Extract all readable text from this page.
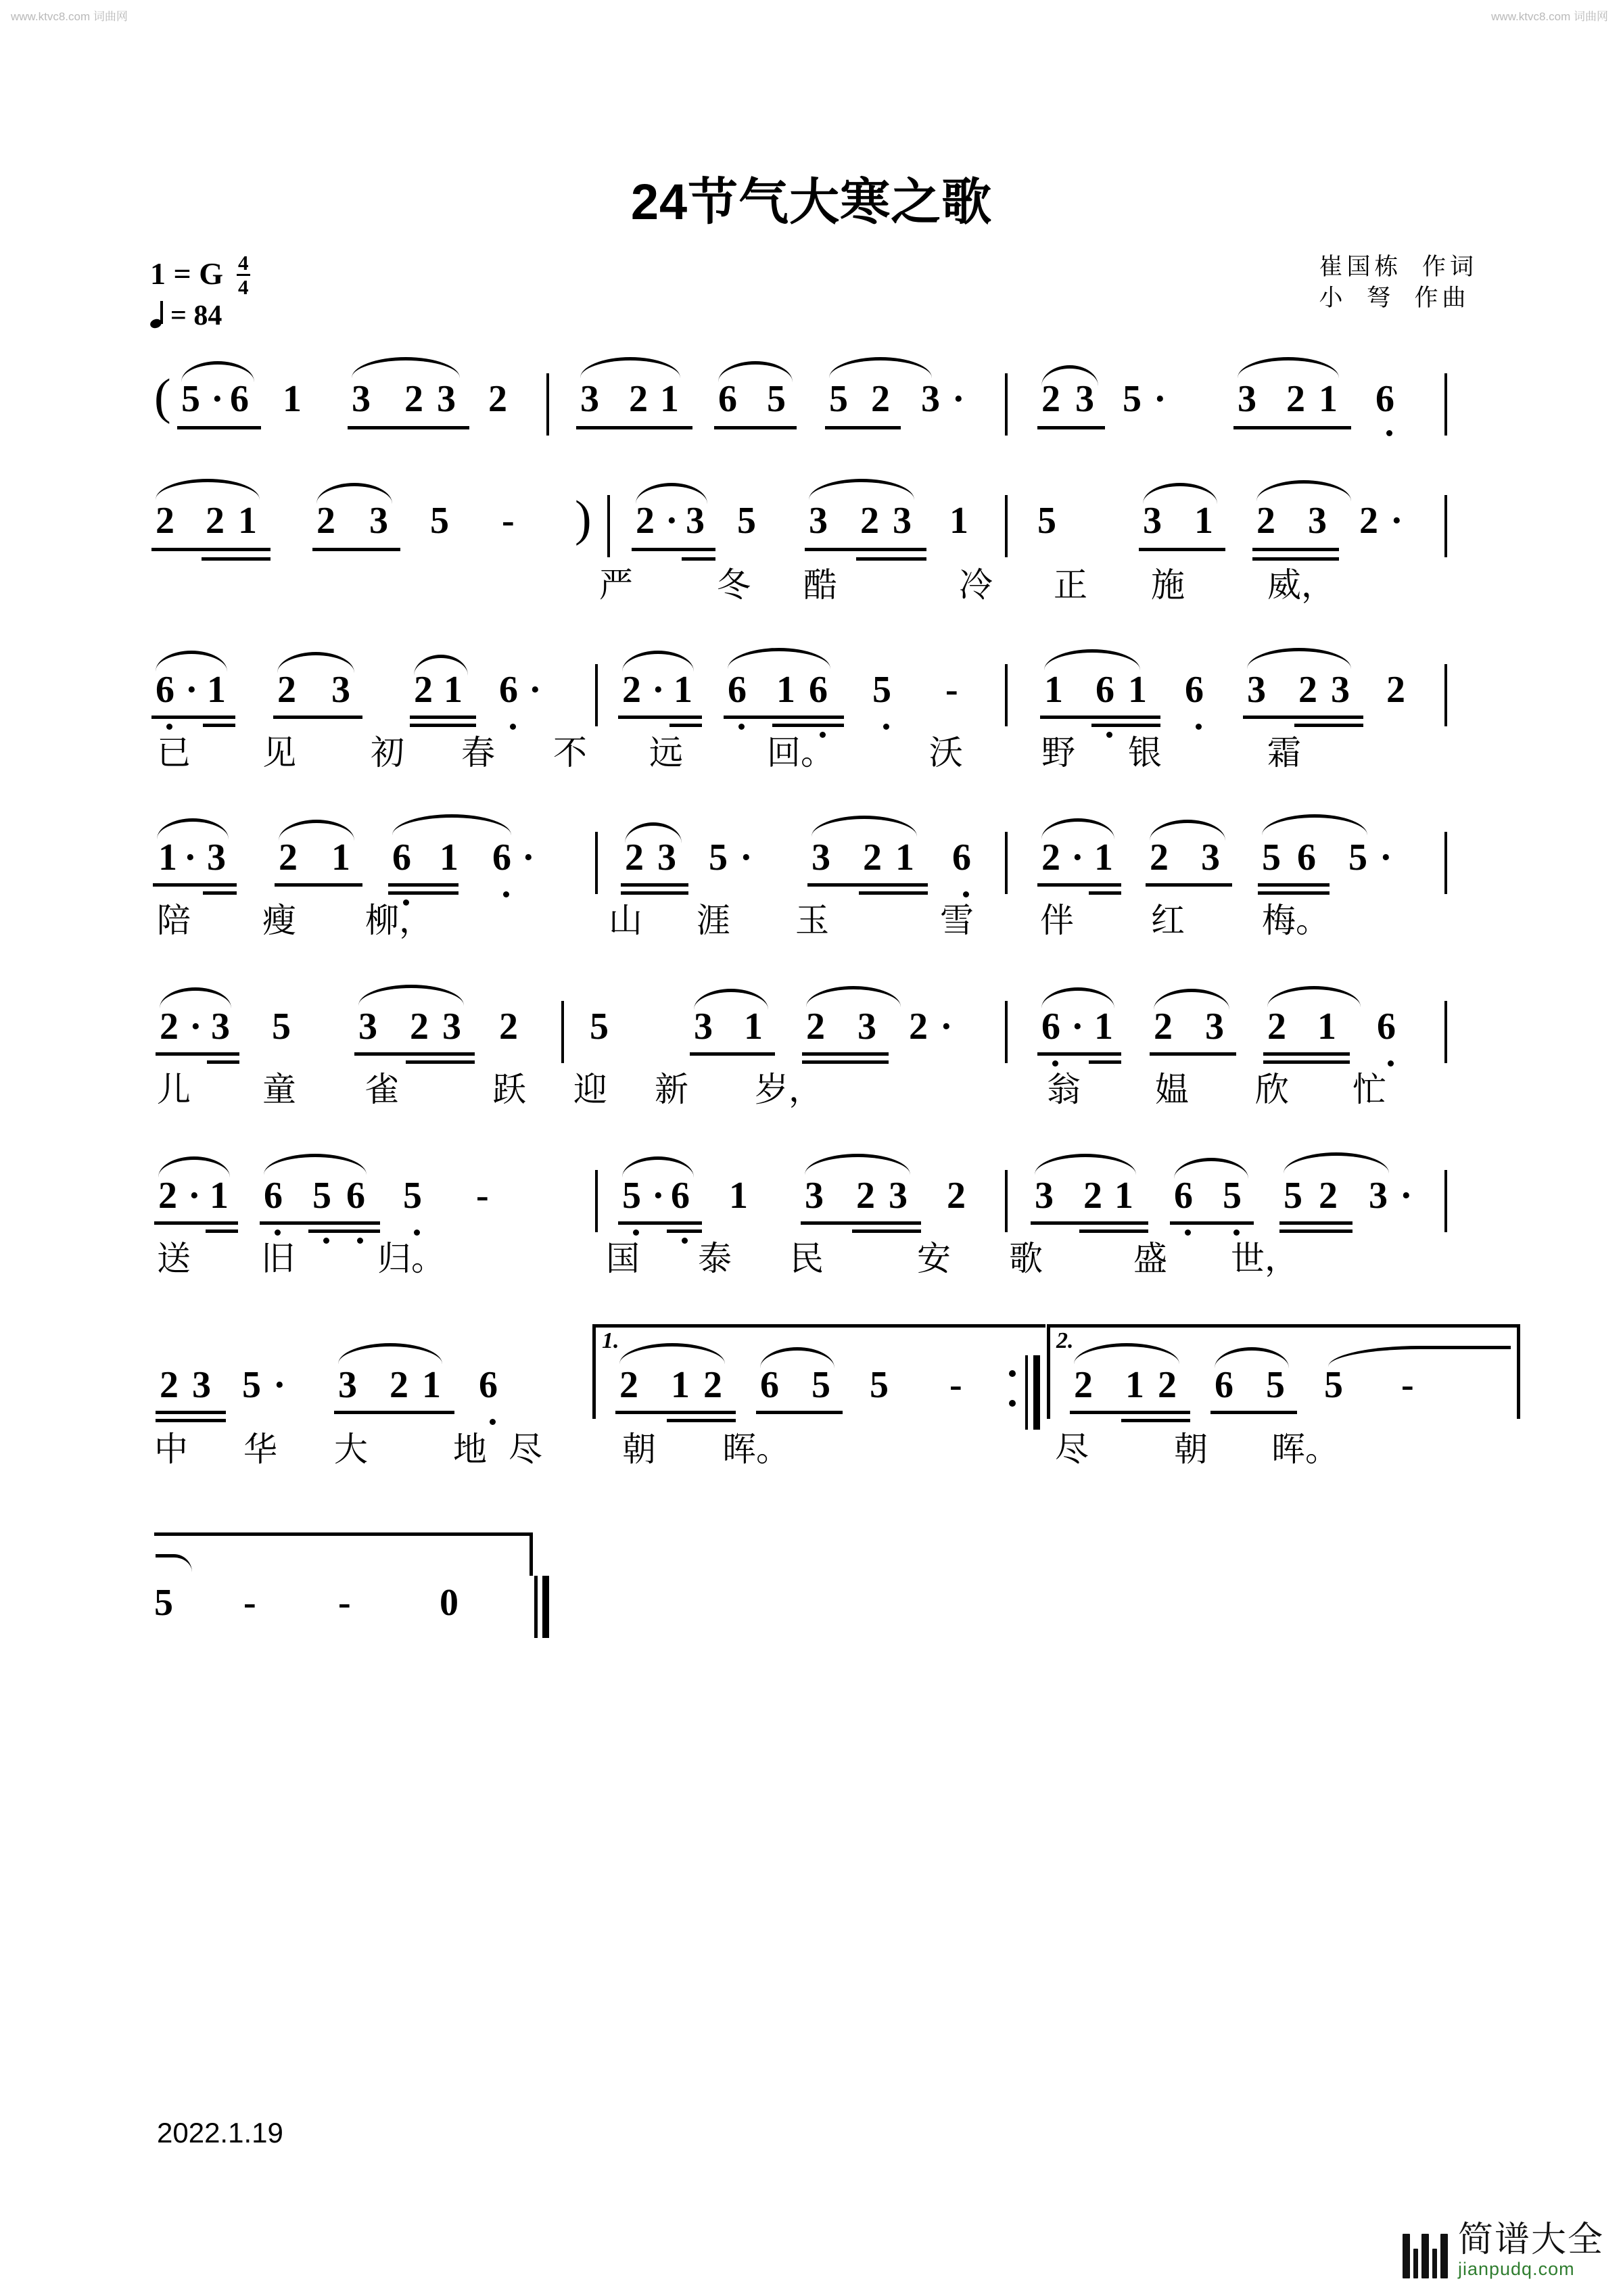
www.ktvc8.com 词曲网	www.ktvc8.com 词曲网
24节气大寒之歌
崔国栋  作词
小  弩  作曲
1 = G $\frac{4}{4}$
= 84
( 5 · 6 1 3 2 3 2 3 2 1 6 5 5 2 3 · 2 3 5 · 3 2 1 6
2 2 1 2 3 5 - ) 2 · 3 5 3 2 3 1 5 3 1 2 3 2 ·
严 冬 酷	冷 正 施 威，
6 · 1 2 3 2 1 6 · 2 · 1 6 1 6 5 - 1 6 1 6 3 2 3 2
已 见 初 春 不 远 回。	沃 野 银	霜
1 · 3 2 1 6 1 6 · 2 3 5 · 3 2 1 6 2 · 1 2 3 5 6 5 ·
陪 瘦 柳，	山 涯 玉	雪 伴 红 梅。
2 · 3 5 3 2 3 2 5 3 1 2 3 2 · 6 · 1 2 3 2 1 6
儿 童 雀	跃 迎 新 岁，	翁 媪 欣 忙
2 · 1 6 5 6 5 -	5 · 6 1 3 2 3 2 3 2 1 6 5 5 2 3 ·
送 旧 归。	国 泰 民	安 歌	盛 世，
2 3 5 · 3 2 1 6
1.
2 1 2 6 5 5 -
2.
2 1 2 6 5 5 -
中 华 大	地 尽 朝 晖。	尽	朝 晖。
5 - - 0
2022.1.19
简谱大全
jianpudq.com
